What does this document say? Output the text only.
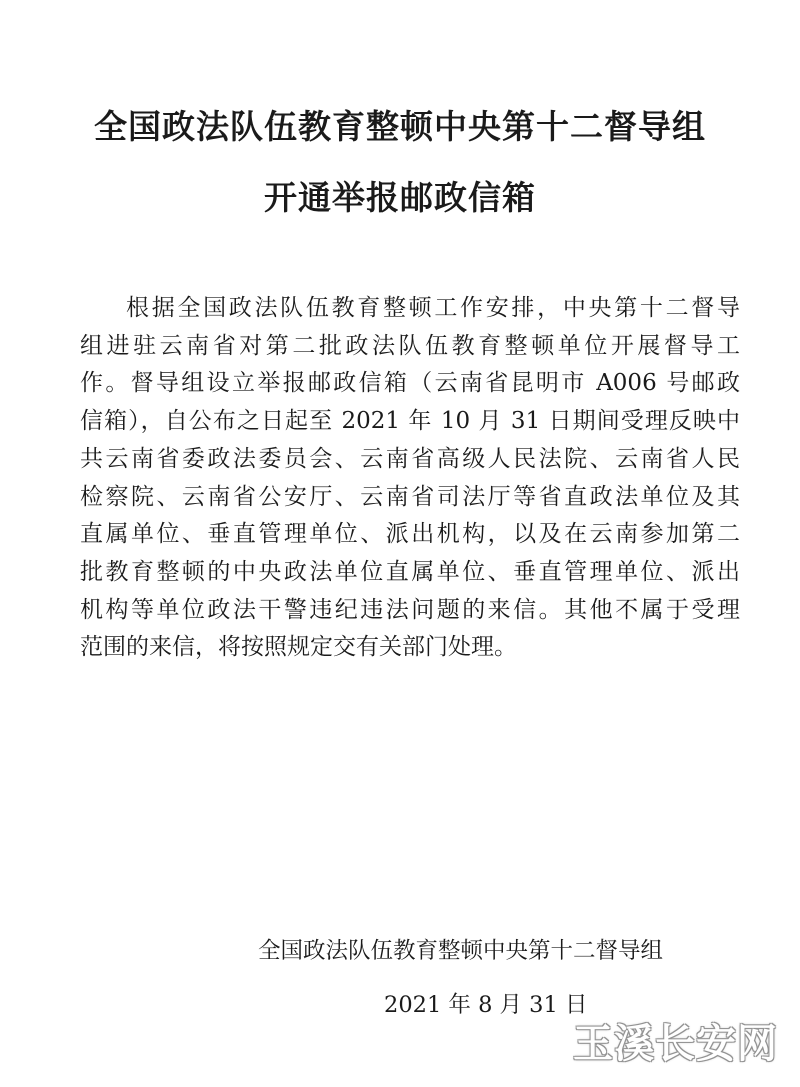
全国政法队伍教育整顿中央第十二督导组
开通举报邮政信箱
根据全国政法队伍教育整顿工作安排，中央第十二督导
组进驻云南省对第二批政法队伍教育整顿单位开展督导工
作。督导组设立举报邮政信箱（云南省昆明市 A006 号邮政
信箱），自公布之日起至 2021 年 10 月 31 日期间受理反映中
共云南省委政法委员会、云南省高级人民法院、云南省人民
检察院、云南省公安厅、云南省司法厅等省直政法单位及其
直属单位、垂直管理单位、派出机构，以及在云南参加第二
批教育整顿的中央政法单位直属单位、垂直管理单位、派出
机构等单位政法干警违纪违法问题的来信。其他不属于受理
范围的来信，将按照规定交有关部门处理。
全国政法队伍教育整顿中央第十二督导组
2021 年 8 月 31 日
玉溪长安网
